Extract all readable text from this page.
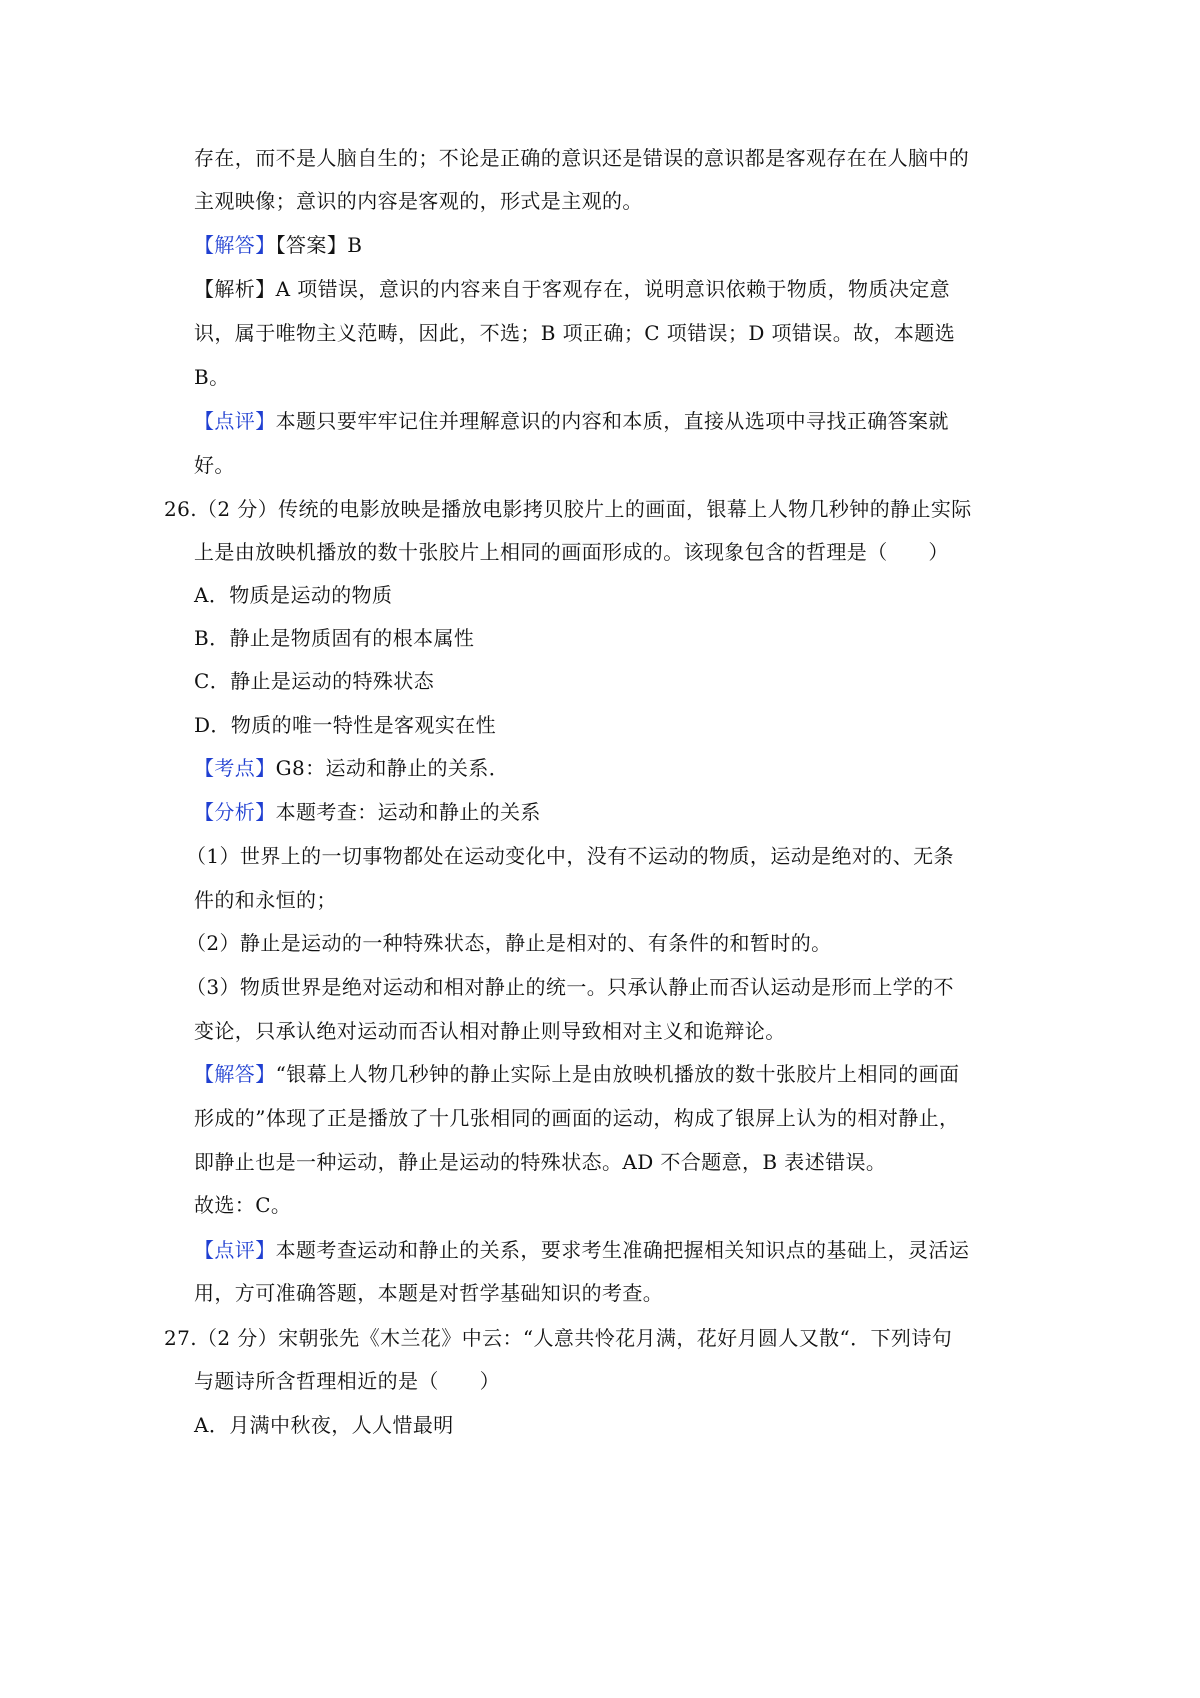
存在，而不是人脑自生的；不论是正确的意识还是错误的意识都是客观存在在人脑中的
主观映像；意识的内容是客观的，形式是主观的。
【解答】【答案】B
【解析】A 项错误，意识的内容来自于客观存在，说明意识依赖于物质，物质决定意
识，属于唯物主义范畴，因此，不选；B 项正确；C 项错误；D 项错误。故，本题选
B。
【点评】本题只要牢牢记住并理解意识的内容和本质，直接从选项中寻找正确答案就
好。
26.（2 分）传统的电影放映是播放电影拷贝胶片上的画面，银幕上人物几秒钟的静止实际
上是由放映机播放的数十张胶片上相同的画面形成的。该现象包含的哲理是（　　）
A．物质是运动的物质
B．静止是物质固有的根本属性
C．静止是运动的特殊状态
D．物质的唯一特性是客观实在性
【考点】G8：运动和静止的关系．
【分析】本题考查：运动和静止的关系
（1）世界上的一切事物都处在运动变化中，没有不运动的物质，运动是绝对的、无条
件的和永恒的；
（2）静止是运动的一种特殊状态，静止是相对的、有条件的和暂时的。
（3）物质世界是绝对运动和相对静止的统一。只承认静止而否认运动是形而上学的不
变论，只承认绝对运动而否认相对静止则导致相对主义和诡辩论。
【解答】“银幕上人物几秒钟的静止实际上是由放映机播放的数十张胶片上相同的画面
形成的”体现了正是播放了十几张相同的画面的运动，构成了银屏上认为的相对静止，
即静止也是一种运动，静止是运动的特殊状态。AD 不合题意，B 表述错误。
故选：C。
【点评】本题考查运动和静止的关系，要求考生准确把握相关知识点的基础上，灵活运
用，方可准确答题，本题是对哲学基础知识的考查。
27.（2 分）宋朝张先《木兰花》中云：“人意共怜花月满，花好月圆人又散“．下列诗句
与题诗所含哲理相近的是（　　）
A．月满中秋夜，人人惜最明
